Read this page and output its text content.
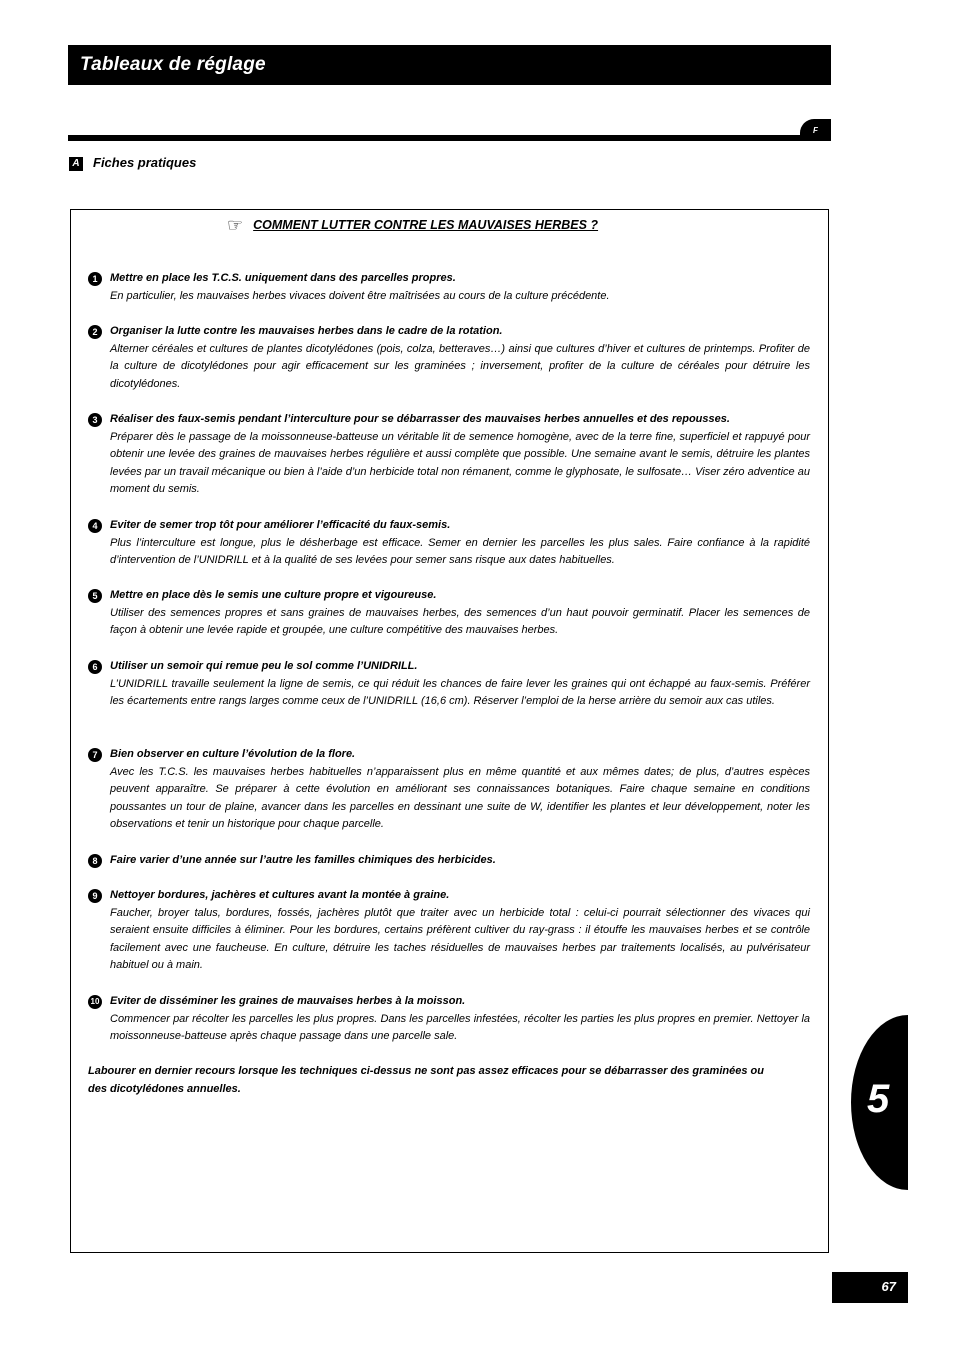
Tableaux de réglage
F
A Fiches pratiques
☞ COMMENT LUTTER CONTRE LES MAUVAISES HERBES ?
1	Mettre en place les T.C.S. uniquement dans des parcelles propres.
En particulier, les mauvaises herbes vivaces doivent être maîtrisées au cours de la culture précédente.
2	Organiser la lutte contre les mauvaises herbes dans le cadre de la rotation.
Alterner céréales et cultures de plantes dicotylédones (pois, colza, betteraves…) ainsi que cultures d’hiver et cultures de printemps. Profiter de la culture de dicotylédones pour agir efficacement sur les graminées ; inversement, profiter de la culture de céréales pour détruire les dicotylédones.
3	Réaliser des faux-semis pendant l’interculture pour se débarrasser des mauvaises herbes annuelles et des repousses.
Préparer dès le passage de la moissonneuse-batteuse un véritable lit de semence homogène, avec de la terre fine, superficiel et rappuyé pour obtenir une levée des graines de mauvaises herbes régulière et aussi complète que possible. Une semaine avant le semis, détruire les plantes levées par un travail mécanique ou bien à l’aide d’un herbicide total non rémanent, comme le glyphosate, le sulfosate… Viser zéro adventice au moment du semis.
4	Eviter de semer trop tôt pour améliorer l’efficacité du faux-semis.
Plus l’interculture est longue, plus le désherbage est efficace. Semer en dernier les parcelles les plus sales. Faire confiance à la rapidité d’intervention de l’UNIDRILL et à la qualité de ses levées pour semer sans risque aux dates habituelles.
5	Mettre en place dès le semis une culture propre et vigoureuse.
Utiliser des semences propres et sans graines de mauvaises herbes, des semences d’un haut pouvoir germinatif. Placer les semences de façon à obtenir une levée rapide et groupée, une culture compétitive des mauvaises herbes.
6	Utiliser un semoir qui remue peu le sol comme l’UNIDRILL.
L’UNIDRILL travaille seulement la ligne de semis, ce qui réduit les chances de faire lever les graines qui ont échappé au faux-semis. Préférer les écartements entre rangs larges comme ceux de l’UNIDRILL (16,6 cm). Réserver l’emploi de la herse arrière du semoir aux cas utiles.
7	Bien observer en culture l’évolution de la flore.
Avec les T.C.S. les mauvaises herbes habituelles n’apparaissent plus en même quantité et aux mêmes dates; de plus, d’autres espèces peuvent apparaître. Se préparer à cette évolution en améliorant ses connaissances botaniques. Faire chaque semaine en conditions poussantes un tour de plaine, avancer dans les parcelles en dessinant une suite de W, identifier les plantes et leur développement, noter les observations et tenir un historique pour chaque parcelle.
8	Faire varier d’une année sur l’autre les familles chimiques des herbicides.
9	Nettoyer bordures, jachères et cultures avant la montée à graine.
Faucher, broyer talus, bordures, fossés, jachères plutôt que traiter avec un herbicide total : celui-ci pourrait sélectionner des vivaces qui seraient ensuite difficiles à éliminer. Pour les bordures, certains préfèrent cultiver du ray-grass : il étouffe les mauvaises herbes et se contrôle facilement avec une faucheuse. En culture, détruire les taches résiduelles de mauvaises herbes par traitements localisés, au pulvérisateur habituel ou à main.
10 Eviter de disséminer les graines de mauvaises herbes à la moisson.
Commencer par récolter les parcelles les plus propres. Dans les parcelles infestées, récolter les parties les plus propres en premier. Nettoyer la moissonneuse-batteuse après chaque passage dans une parcelle sale.
Labourer en dernier recours lorsque les techniques ci-dessus ne sont pas assez efficaces pour se débarrasser des graminées ou des dicotylédones annuelles.	5
67
